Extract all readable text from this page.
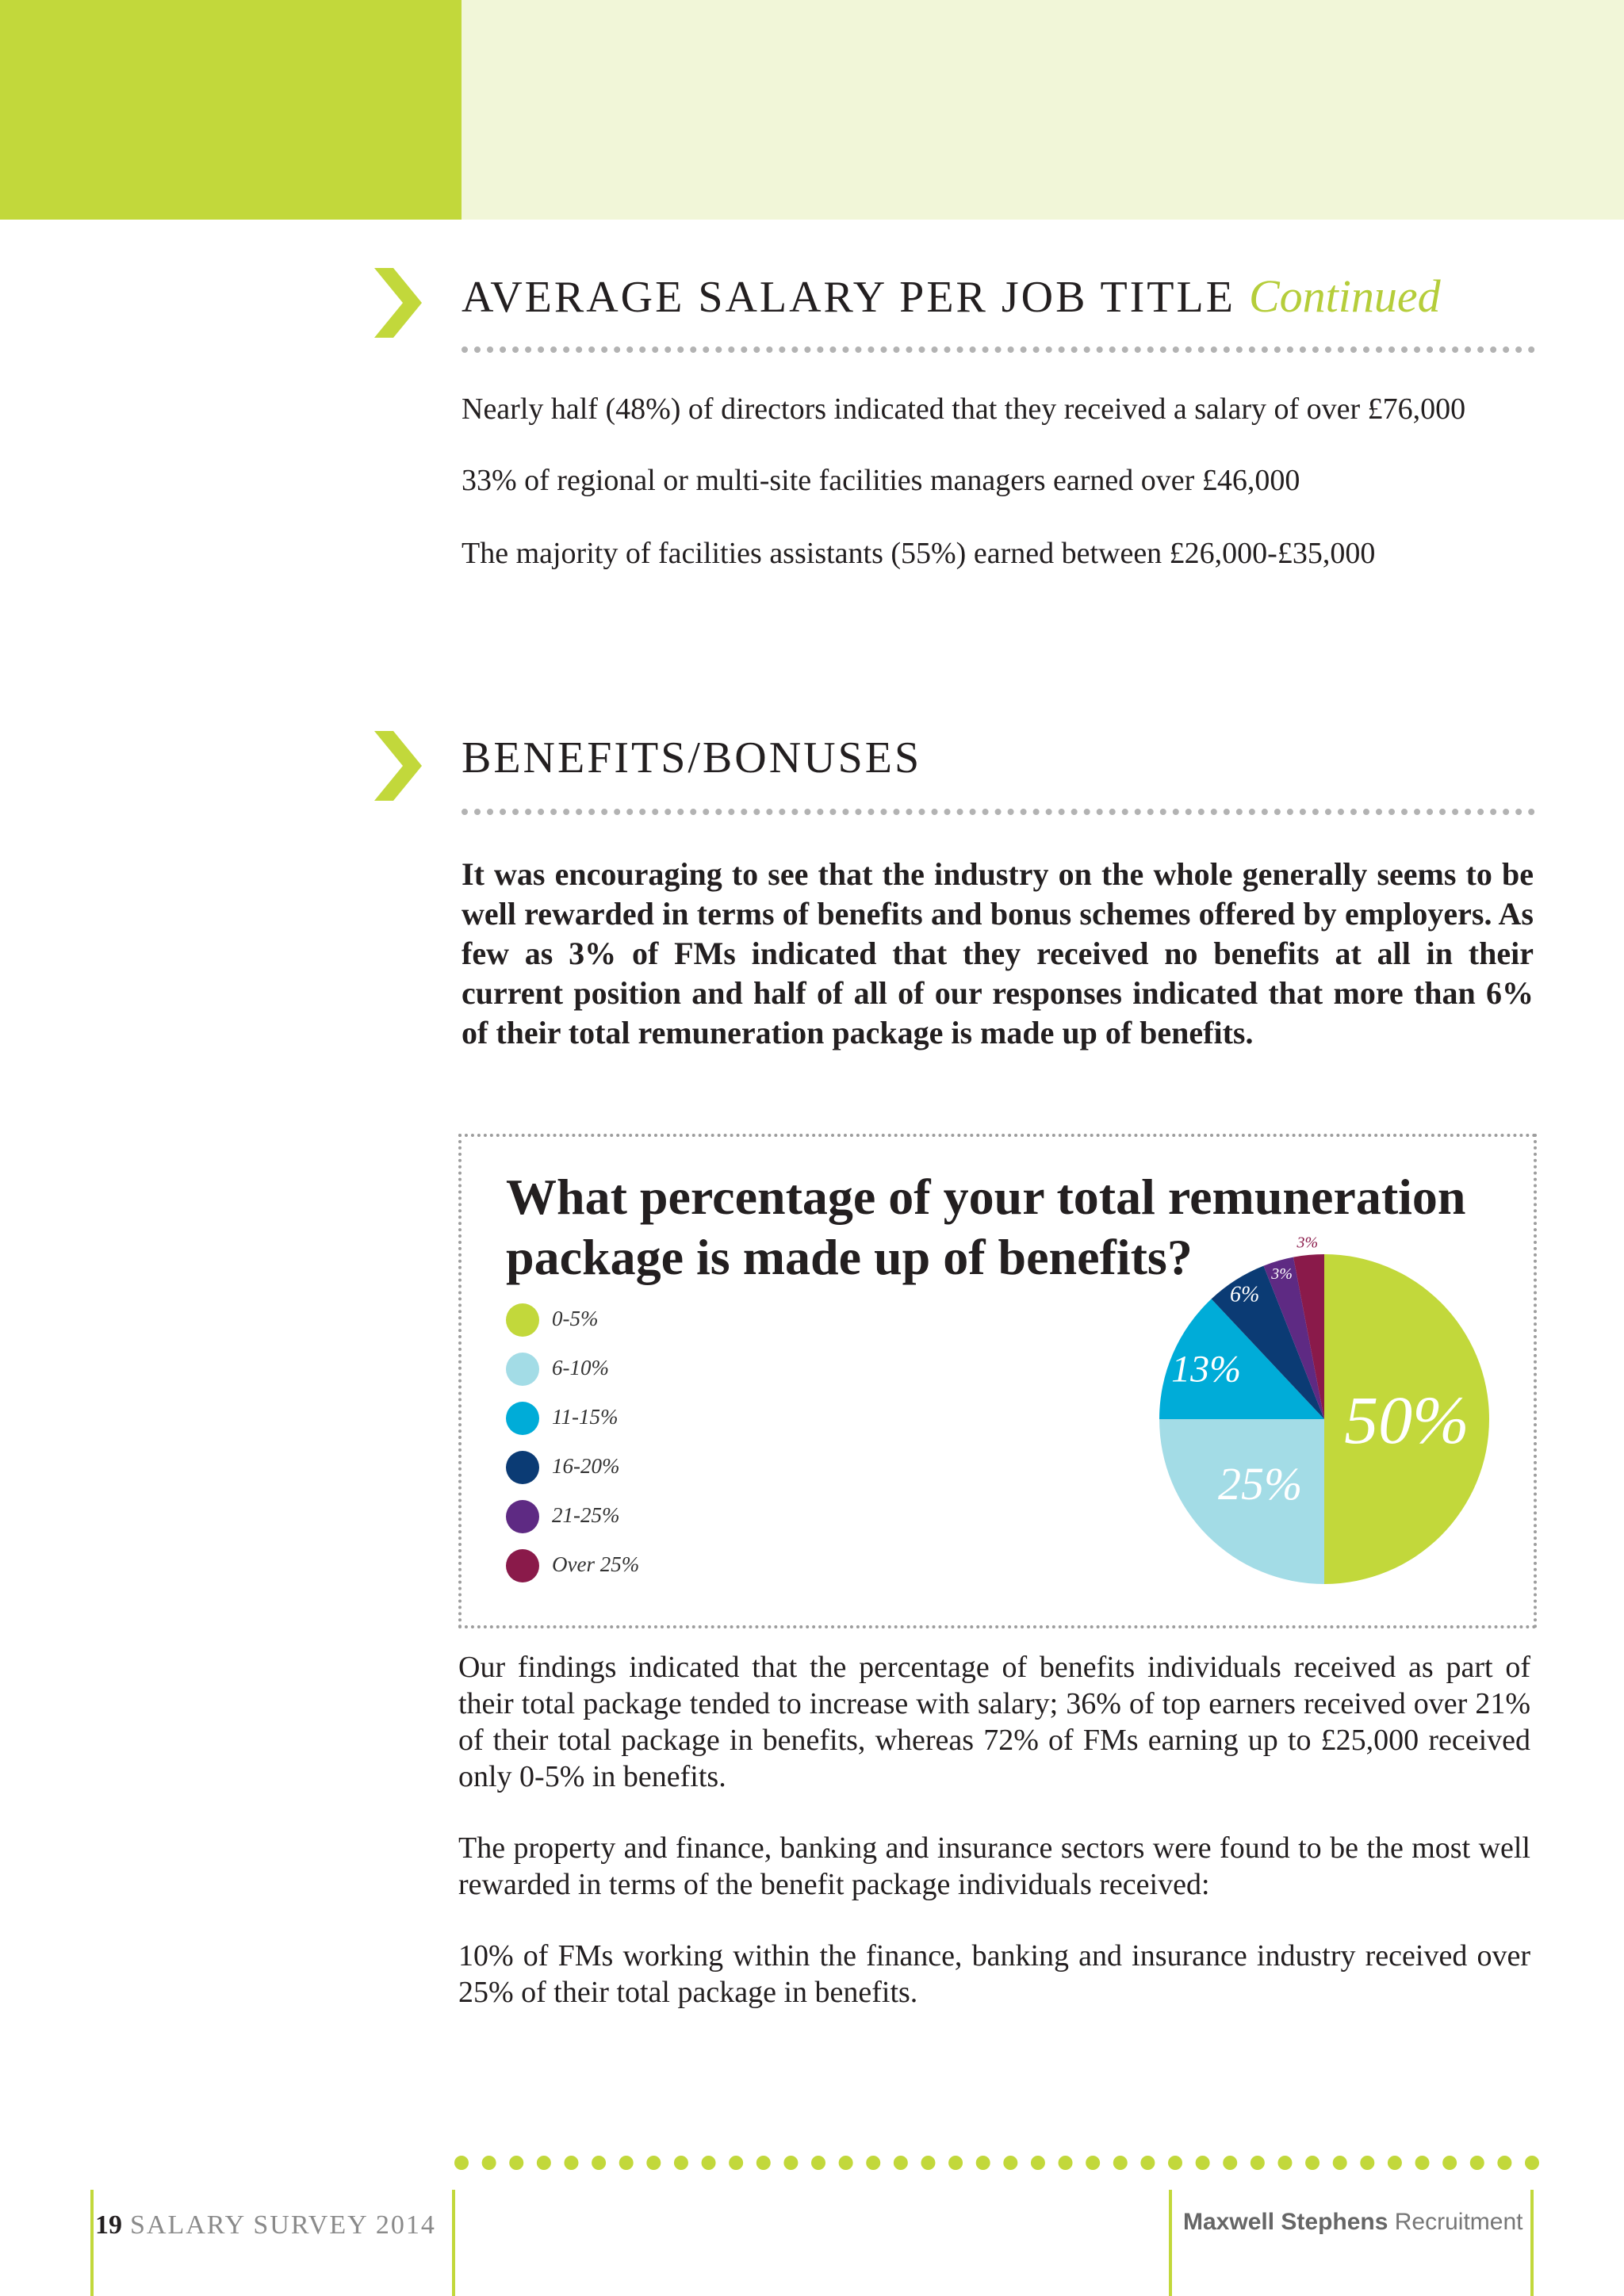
AVERAGE SALARY PER JOB TITLE Continued

Nearly half (48%) of directors indicated that they received a salary of over £76,000

33% of regional or multi-site facilities managers earned over £46,000

The majority of facilities assistants (55%) earned between £26,000-£35,000

BENEFITS/BONUSES

It was encouraging to see that the industry on the whole generally seems to be well rewarded in terms of benefits and bonus schemes offered by employers. As few as 3% of FMs indicated that they received no benefits at all in their current position and half of all of our responses indicated that more than 6% of their total remuneration package is made up of benefits.

50%
25%
13%
6%
3%
3%
What percentage of your total remuneration package is made up of benefits?
0-5%
6-10%
11-15%
16-20%
21-25%
Over 25%

Our findings indicated that the percentage of benefits individuals received as part of their total package tended to increase with salary; 36% of top earners received over 21% of their total package in benefits, whereas 72% of FMs earning up to £25,000 received only 0-5% in benefits.

The property and finance, banking and insurance sectors were found to be the most well rewarded in terms of the benefit package individuals received:

10% of FMs working within the finance, banking and insurance industry received over 25% of their total package in benefits.

19 SALARY SURVEY 2014	Maxwell Stephens Recruitment
